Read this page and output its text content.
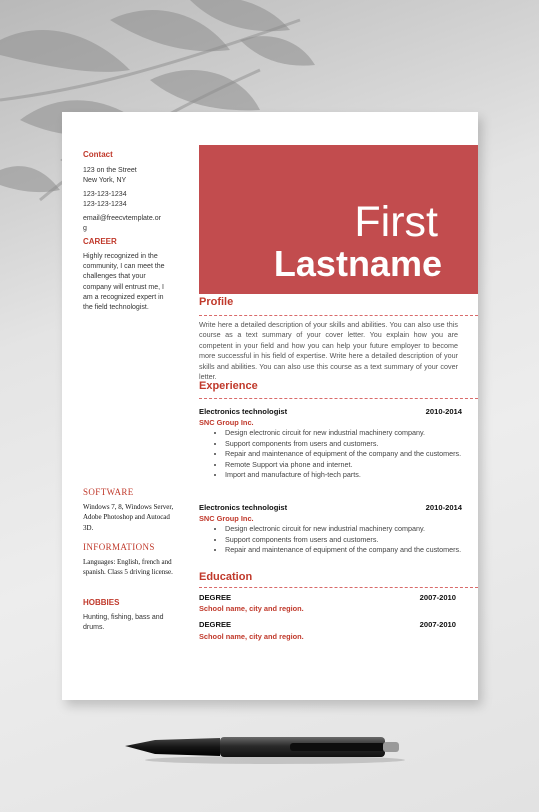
Contact
123 on the Street
New York, NY
123-123-1234
123-123-1234
email@freecvtemplate.or
g
CAREER
Highly recognized in the community, I can meet the challenges that your company will entrust me, I am a recognized expert in the field technologist.
SOFTWARE
Windows 7, 8, Windows Server, Adobe Photoshop and Autocad 3D.
INFORMATIONS
Languages: English, french and spanish. Class 5 driving license.
HOBBIES
Hunting, fishing, bass and drums.
First
Lastname
Profile
Write here a detailed description of your skills and abilities. You can also use this course as a text summary of your cover letter. You explain how you are competent in your field and how you can help your future employer to become more successful in his field of expertise. Write here a detailed description of your skills and abilities. You can also use this course as a text summary of your cover letter.
Experience
Electronics technologist	2010-2014
SNC Group Inc.
• Design electronic circuit for new industrial machinery company.
• Support components from users and customers.
• Repair and maintenance of equipment of the company and the customers.
• Remote Support via phone and internet.
• Import and manufacture of high-tech parts.
Electronics technologist	2010-2014
SNC Group Inc.
• Design electronic circuit for new industrial machinery company.
• Support components from users and customers.
• Repair and maintenance of equipment of the company and the customers.
Education
DEGREE	2007-2010
School name, city and region.
DEGREE	2007-2010
School name, city and region.
